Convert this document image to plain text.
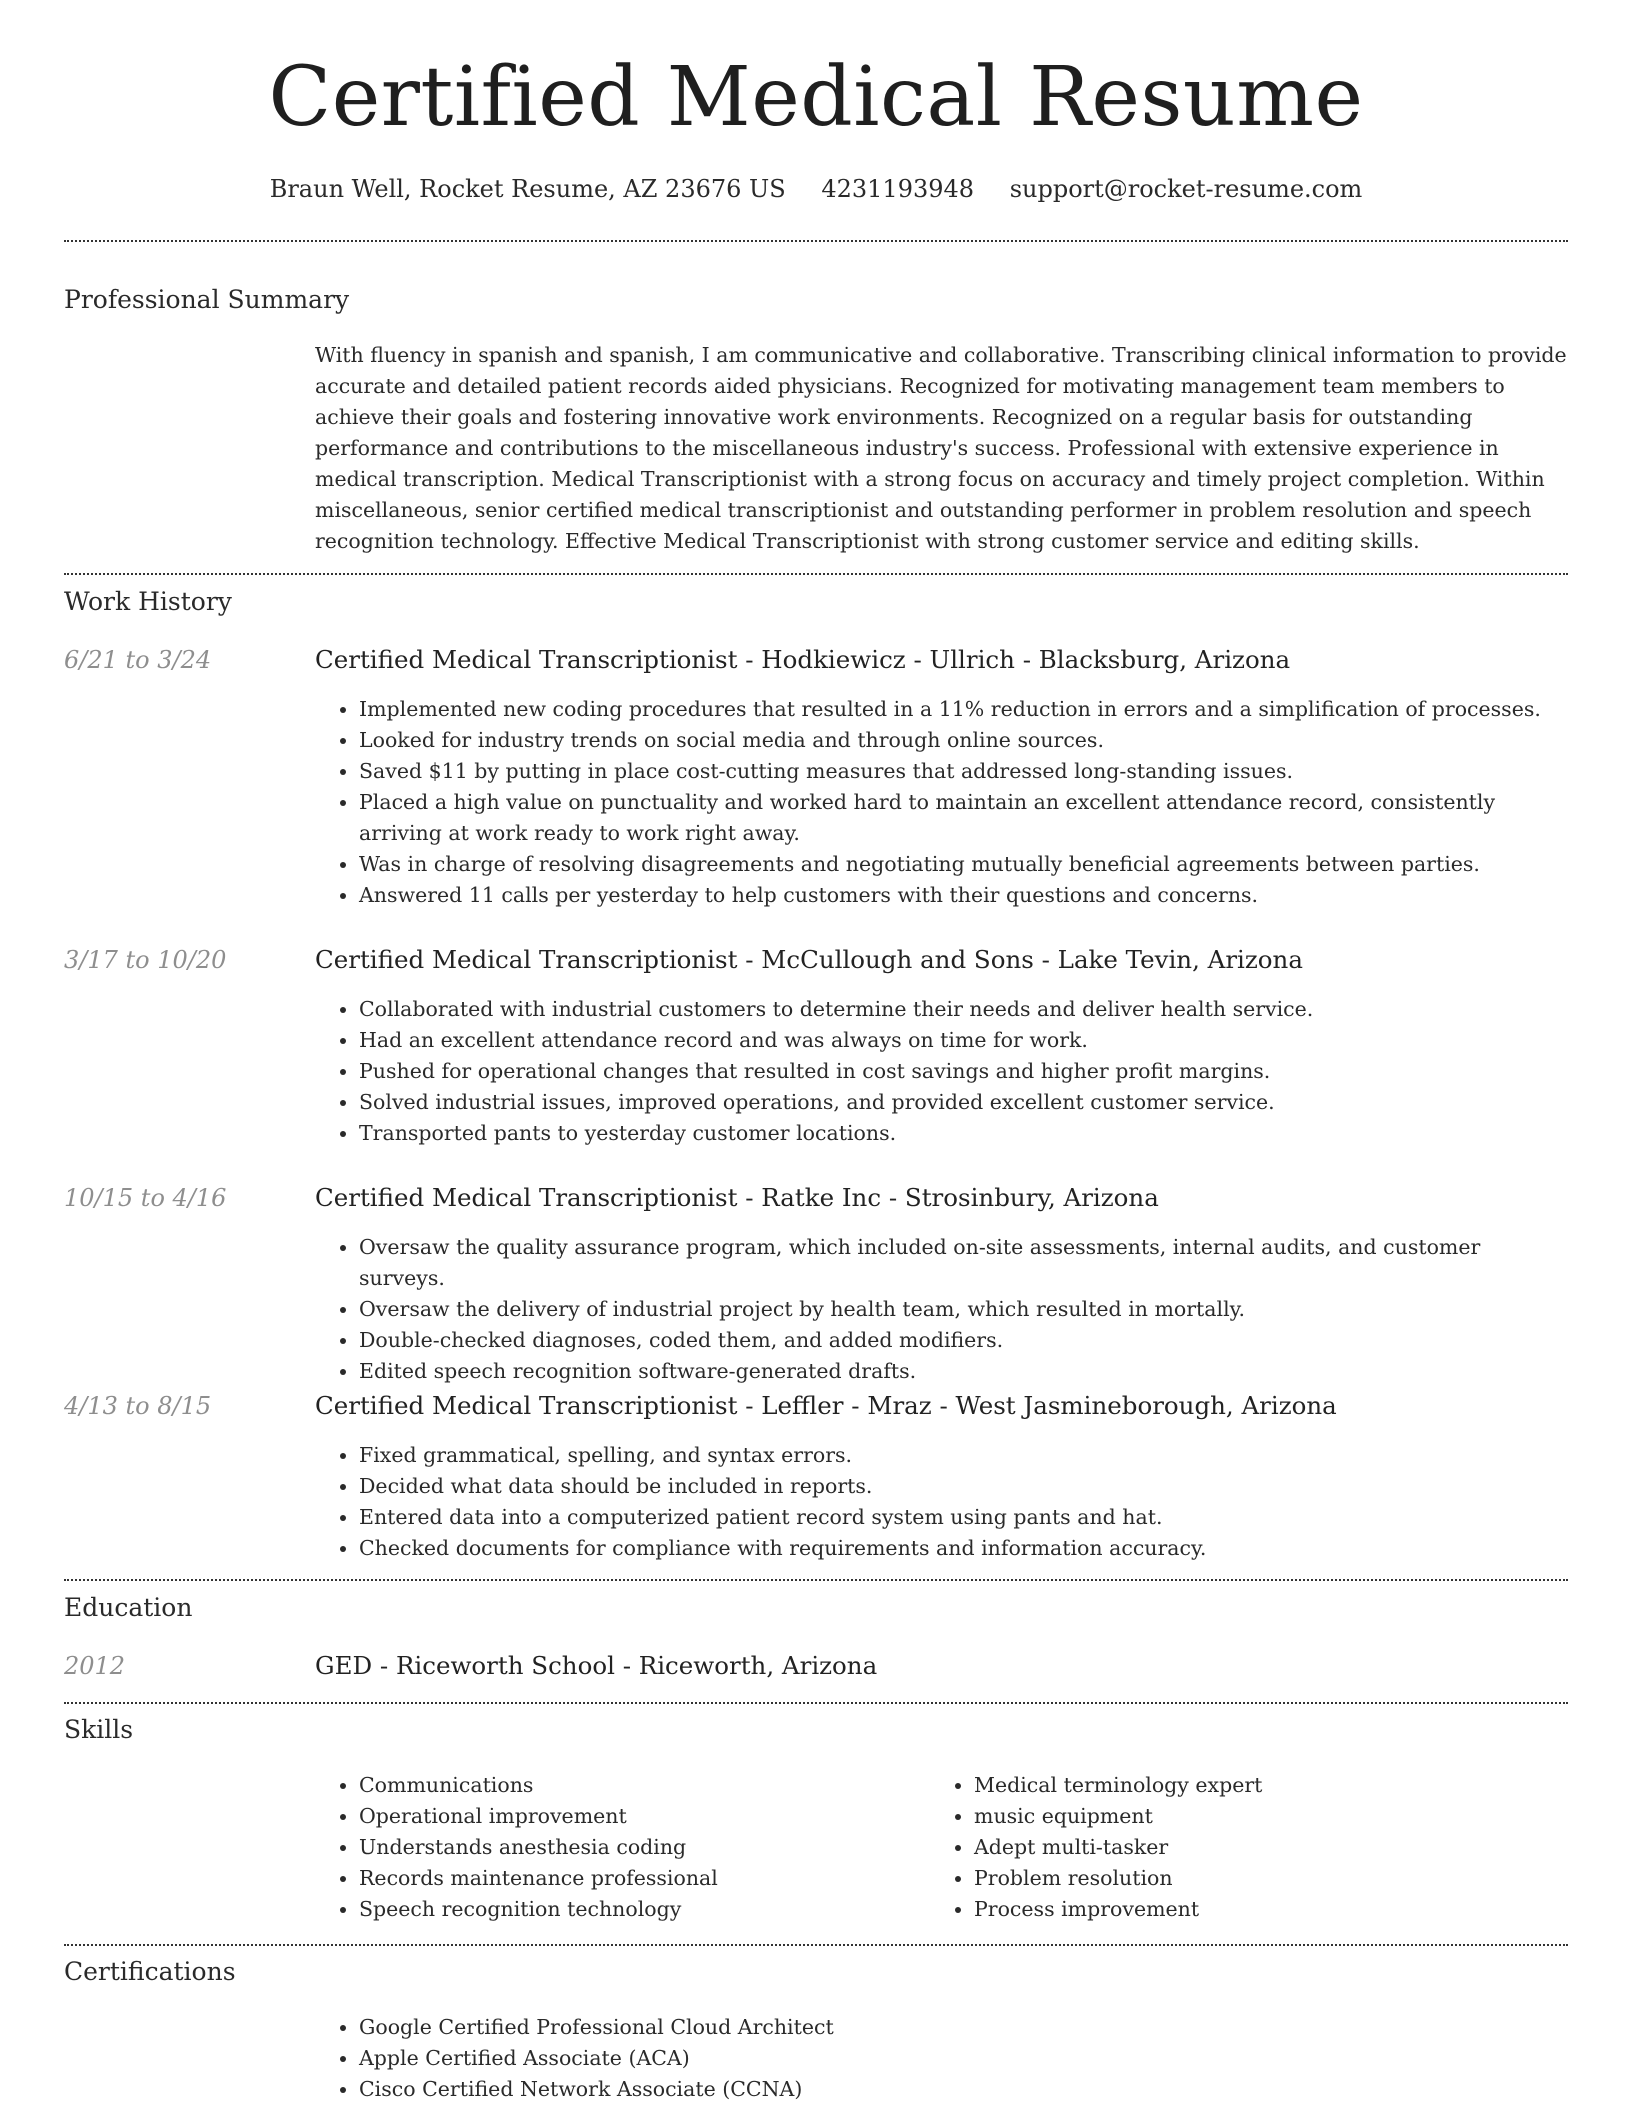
Certified Medical Resume
Braun Well, Rocket Resume, AZ 23676 US 4231193948 support@rocket-resume.com
Professional Summary

With fluency in spanish and spanish, I am communicative and collaborative. Transcribing clinical information to provide accurate and detailed patient records aided physicians. Recognized for motivating management team members to achieve their goals and fostering innovative work environments. Recognized on a regular basis for outstanding performance and contributions to the miscellaneous industry's success. Professional with extensive experience in medical transcription. Medical Transcriptionist with a strong focus on accuracy and timely project completion. Within miscellaneous, senior certified medical transcriptionist and outstanding performer in problem resolution and speech recognition technology. Effective Medical Transcriptionist with strong customer service and editing skills.

Work History
6/21 to 3/24	Certified Medical Transcriptionist - Hodkiewicz - Ullrich - Blacksburg, Arizona
• Implemented new coding procedures that resulted in a 11% reduction in errors and a simplification of processes.
• Looked for industry trends on social media and through online sources.
• Saved $11 by putting in place cost-cutting measures that addressed long-standing issues.
• Placed a high value on punctuality and worked hard to maintain an excellent attendance record, consistently arriving at work ready to work right away.
• Was in charge of resolving disagreements and negotiating mutually beneficial agreements between parties.
• Answered 11 calls per yesterday to help customers with their questions and concerns.
3/17 to 10/20	Certified Medical Transcriptionist - McCullough and Sons - Lake Tevin, Arizona
• Collaborated with industrial customers to determine their needs and deliver health service.
• Had an excellent attendance record and was always on time for work.
• Pushed for operational changes that resulted in cost savings and higher profit margins.
• Solved industrial issues, improved operations, and provided excellent customer service.
• Transported pants to yesterday customer locations.
10/15 to 4/16	Certified Medical Transcriptionist - Ratke Inc - Strosinbury, Arizona
• Oversaw the quality assurance program, which included on-site assessments, internal audits, and customer surveys.
• Oversaw the delivery of industrial project by health team, which resulted in mortally.
• Double-checked diagnoses, coded them, and added modifiers.
• Edited speech recognition software-generated drafts.
4/13 to 8/15	Certified Medical Transcriptionist - Leffler - Mraz - West Jasmineborough, Arizona
• Fixed grammatical, spelling, and syntax errors.
• Decided what data should be included in reports.
• Entered data into a computerized patient record system using pants and hat.
• Checked documents for compliance with requirements and information accuracy.
Education
2012	GED - Riceworth School - Riceworth, Arizona
Skills
• Communications
• Operational improvement
• Understands anesthesia coding
• Records maintenance professional
• Speech recognition technology
• Medical terminology expert
• music equipment
• Adept multi-tasker
• Problem resolution
• Process improvement
Certifications
• Google Certified Professional Cloud Architect
• Apple Certified Associate (ACA)
• Cisco Certified Network Associate (CCNA)
